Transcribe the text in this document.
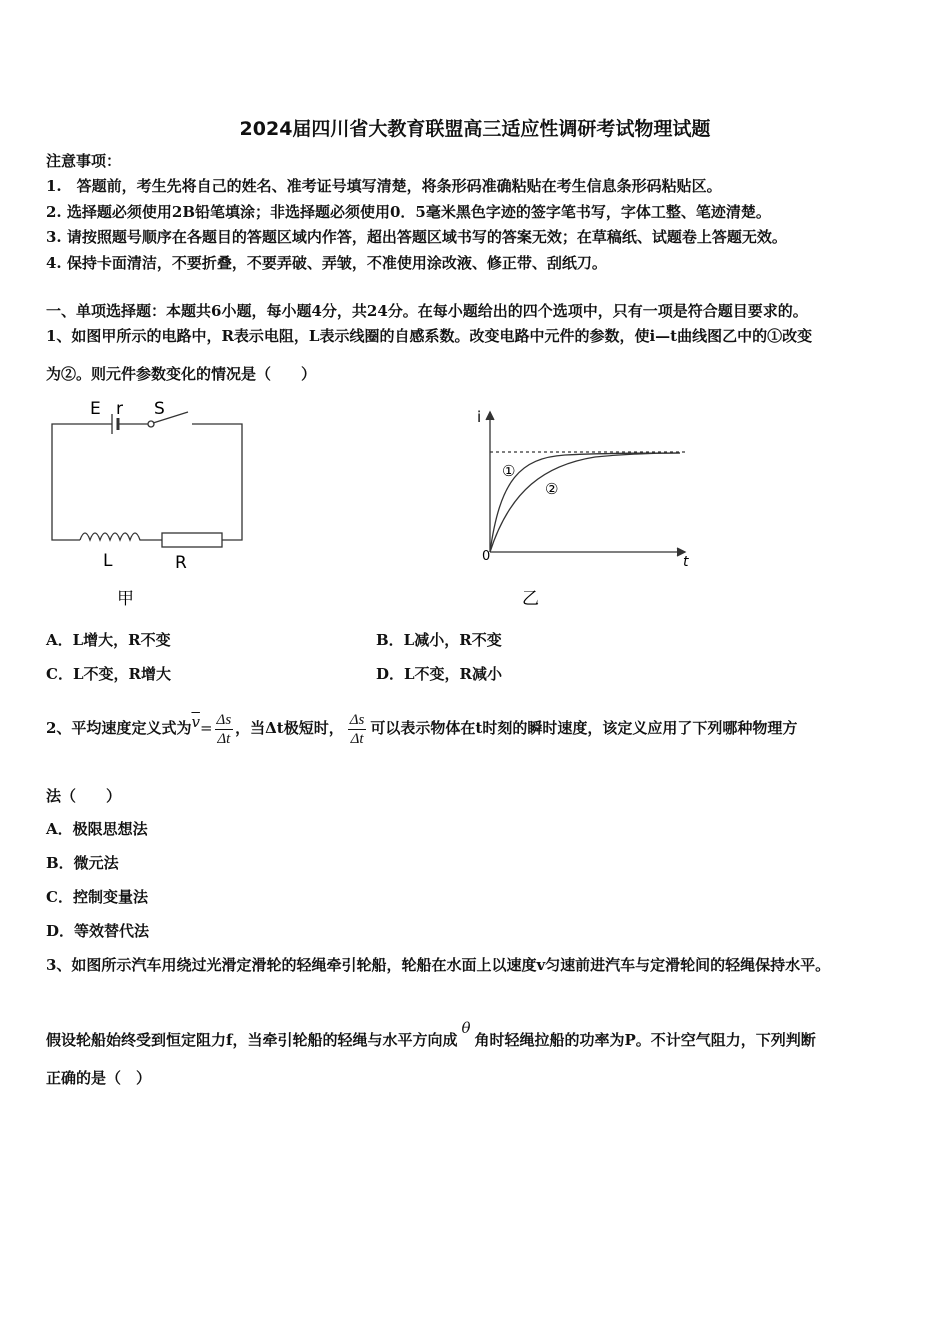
2024届四川省大教育联盟高三适应性调研考试物理试题
注意事项：
1.　答题前，考生先将自己的姓名、准考证号填写清楚，将条形码准确粘贴在考生信息条形码粘贴区。
2. 选择题必须使用2B铅笔填涂；非选择题必须使用0．5毫米黑色字迹的签字笔书写，字体工整、笔迹清楚。
3. 请按照题号顺序在各题目的答题区域内作答，超出答题区域书写的答案无效；在草稿纸、试题卷上答题无效。
4. 保持卡面清洁，不要折叠，不要弄破、弄皱，不准使用涂改液、修正带、刮纸刀。
一、单项选择题：本题共6小题，每小题4分，共24分。在每小题给出的四个选项中，只有一项是符合题目要求的。
1、如图甲所示的电路中，R表示电阻，L表示线圈的自感系数。改变电路中元件的参数，使i—t曲线图乙中的①改变
为②。则元件参数变化的情况是（　　）
E r S
L	R
甲
i
t
0
①
②
乙
A．L增大，R不变	B．L减小，R不变
C．L不变，R增大	D．L不变，R减小
2、平均速度定义式为$\overline{v}= \frac{\Delta s}{\Delta t}$ ，当Δt极短时， $\frac{\Delta s}{\Delta t}$ 可以表示物体在t时刻的瞬时速度，该定义应用了下列哪种物理方
法（　　）
A．极限思想法
B．微元法
C．控制变量法
D．等效替代法
3、如图所示汽车用绕过光滑定滑轮的轻绳牵引轮船，轮船在水面上以速度v匀速前进汽车与定滑轮间的轻绳保持水平。
假设轮船始终受到恒定阻力f，当牵引轮船的轻绳与水平方向成θ角时轻绳拉船的功率为P。不计空气阻力，下列判断
正确的是（　）
